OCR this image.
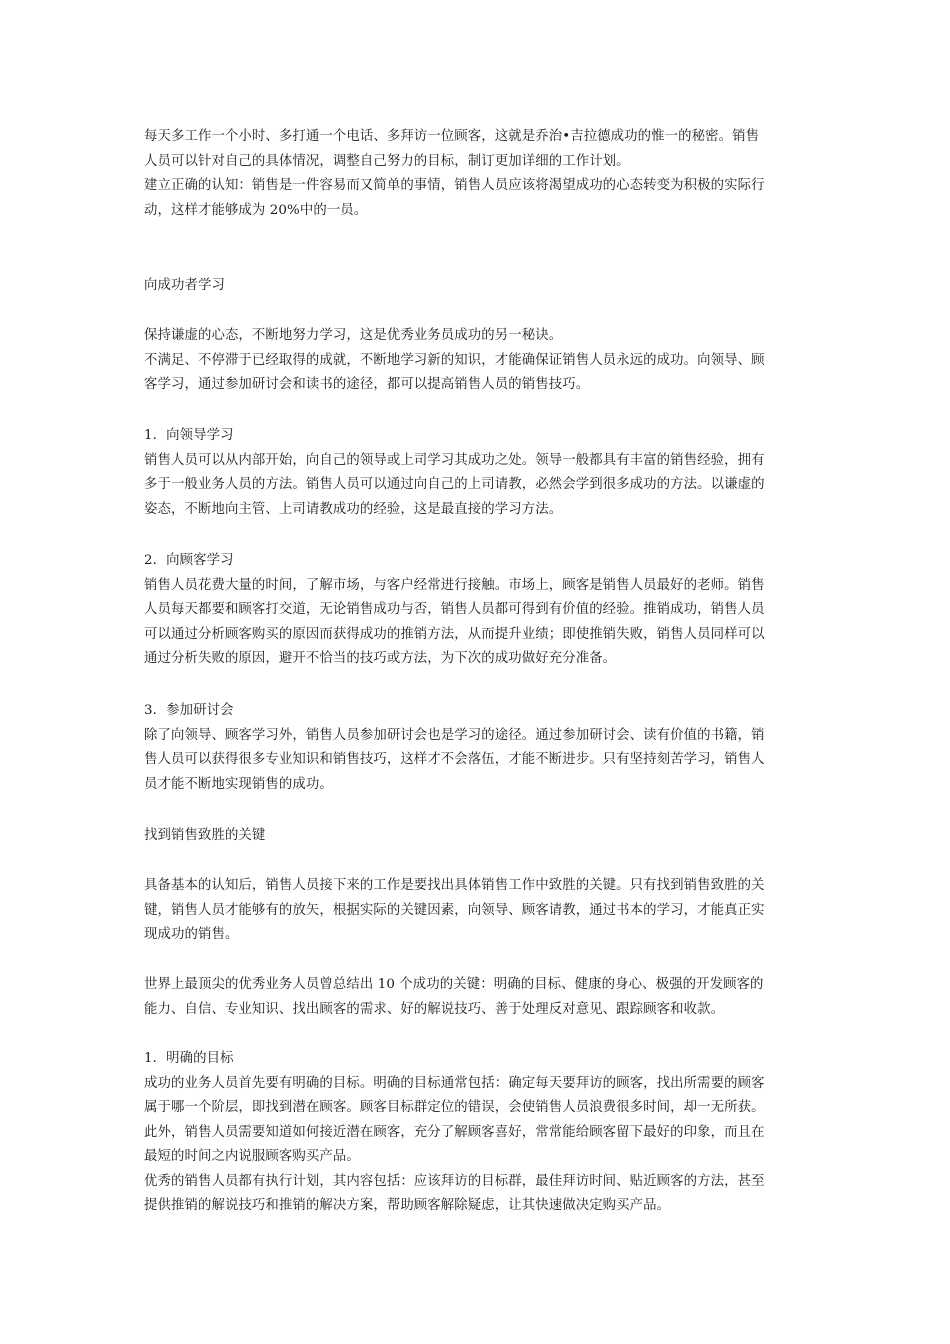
每天多工作一个小时、多打通一个电话、多拜访一位顾客，这就是乔治•吉拉德成功的惟一的秘密。销售
人员可以针对自己的具体情况，调整自己努力的目标，制订更加详细的工作计划。
建立正确的认知：销售是一件容易而又简单的事情，销售人员应该将渴望成功的心态转变为积极的实际行
动，这样才能够成为 20%中的一员。
向成功者学习
保持谦虚的心态，不断地努力学习，这是优秀业务员成功的另一秘诀。
不满足、不停滞于已经取得的成就，不断地学习新的知识，才能确保证销售人员永远的成功。向领导、顾
客学习，通过参加研讨会和读书的途径，都可以提高销售人员的销售技巧。
1．向领导学习
销售人员可以从内部开始，向自己的领导或上司学习其成功之处。领导一般都具有丰富的销售经验，拥有
多于一般业务人员的方法。销售人员可以通过向自己的上司请教，必然会学到很多成功的方法。以谦虚的
姿态，不断地向主管、上司请教成功的经验，这是最直接的学习方法。
2．向顾客学习
销售人员花费大量的时间，了解市场，与客户经常进行接触。市场上，顾客是销售人员最好的老师。销售
人员每天都要和顾客打交道，无论销售成功与否，销售人员都可得到有价值的经验。推销成功，销售人员
可以通过分析顾客购买的原因而获得成功的推销方法，从而提升业绩；即使推销失败，销售人员同样可以
通过分析失败的原因，避开不恰当的技巧或方法，为下次的成功做好充分准备。
3．参加研讨会
除了向领导、顾客学习外，销售人员参加研讨会也是学习的途径。通过参加研讨会、读有价值的书籍，销
售人员可以获得很多专业知识和销售技巧，这样才不会落伍，才能不断进步。只有坚持刻苦学习，销售人
员才能不断地实现销售的成功。
找到销售致胜的关键
具备基本的认知后，销售人员接下来的工作是要找出具体销售工作中致胜的关键。只有找到销售致胜的关
键，销售人员才能够有的放矢，根据实际的关键因素，向领导、顾客请教，通过书本的学习，才能真正实
现成功的销售。
世界上最顶尖的优秀业务人员曾总结出 10 个成功的关键：明确的目标、健康的身心、极强的开发顾客的
能力、自信、专业知识、找出顾客的需求、好的解说技巧、善于处理反对意见、跟踪顾客和收款。
1．明确的目标
成功的业务人员首先要有明确的目标。明确的目标通常包括：确定每天要拜访的顾客，找出所需要的顾客
属于哪一个阶层，即找到潜在顾客。顾客目标群定位的错误，会使销售人员浪费很多时间，却一无所获。
此外，销售人员需要知道如何接近潜在顾客，充分了解顾客喜好，常常能给顾客留下最好的印象，而且在
最短的时间之内说服顾客购买产品。
优秀的销售人员都有执行计划，其内容包括：应该拜访的目标群，最佳拜访时间、贴近顾客的方法，甚至
提供推销的解说技巧和推销的解决方案，帮助顾客解除疑虑，让其快速做决定购买产品。
